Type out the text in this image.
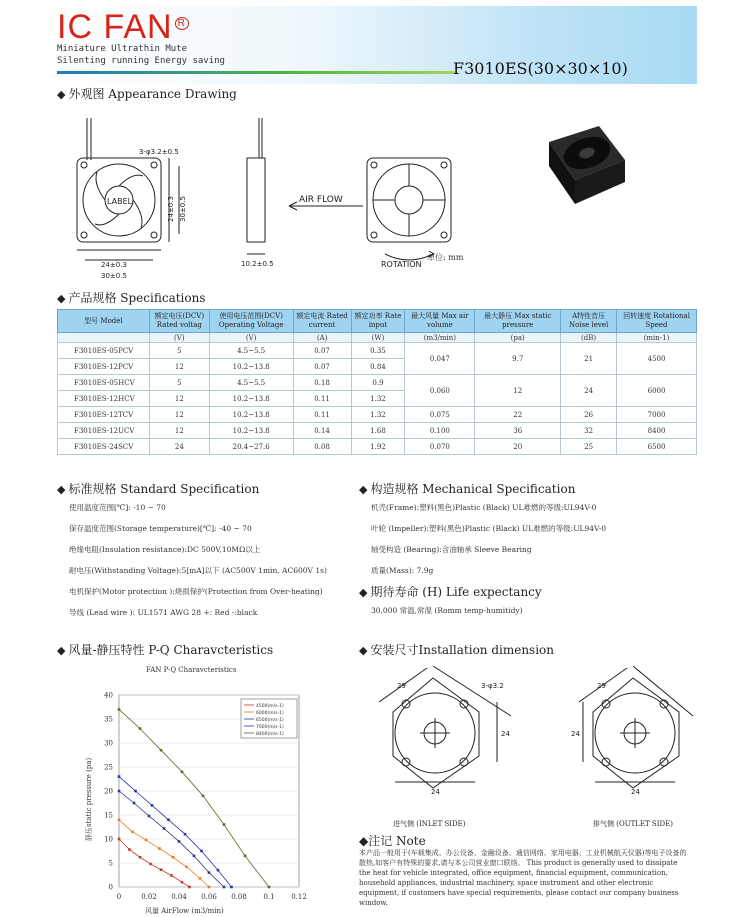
IC FAN $^R$
Miniature Ultrathin Mute
Silenting running Energy saving	F3010ES(30×30×10)
◆ 外观图 Appearance Drawing
3-φ3.2±0.5
LABEL
24±0.3
30±0.5
24±0.3 30±0.5
10.2±0.5
AIR FLOW
ROTATION
单位: mm
◆ 产品规格 Specifications
型号 Model	额定电压(DCV) Rated voltag	使用电压范围(DCV) Operating Voltage	额定电流 Rated current	额定功率 Rate input	最大风量 Max air volume	最大静压 Max static pressure	A特性音压 Noise level	回转速度 Rotational Speed
	(V)	(V)	(A)	(W)	(m3/min)	(pa)	(dB)	(min-1)
F3010ES-05PCV	5	4.5~5.5	0.07	0.35	0.047	9.7	21	4500
F3010ES-12PCV	12	10.2~13.8	0.07	0.84				
F3010ES-05HCV	5	4.5~5.5	0.18	0.9	0.060	12	24	6000
F3010ES-12HCV	12	10.2~13.8	0.11	1.32				
F3010ES-12TCV	12	10.2~13.8	0.11	1.32	0.075	22	26	7000
F3010ES-12UCV	12	10.2~13.8	0.14	1.68	0.100	36	32	8400
F3010ES-24SCV	24	20.4~27.6	0.08	1.92	0.070	20	25	6500
◆ 标准规格 Standard Specification
使用温度范围[℃]: -10 ~ 70
保存温度范围(Storage temperature)[℃]: -40 ~ 70
绝缘电阻(Insulation resistance):DC 500V,10MΩ以上
耐电压(Withstanding Voltage):5[mA]以下 (AC500V 1min, AC600V 1s)
电机保护(Motor protection ):烧损保护(Protection from Over-heating)
导线 (Lead wire ): UL1571 AWG 28 +: Red -:black
◆ 构造规格 Mechanical Specification
机壳(Frame):塑料(黑色)Plastic (Black) UL难燃的等级:UL94V-0
叶轮 (Impeller):塑料(黑色)Plastic (Black) UL难燃的等级:UL94V-0
轴受构造 (Bearing):含油轴承 Sleeve Bearing
质量(Mass): 7.9g
◆ 期待寿命 (H) Life expectancy
30,000 常温,常湿 (Romm temp-humitidy)
◆ 风量-静压特性 P-Q Charavcteristics
FAN P-Q Charavcteristics
0
5
10
15
20
25
30
35
40
0	0.02 0.04 0.06 0.08 0.1 0.12
4500(m/s-1)
6000(m/s-1)
6500(m/s-1)
7000(m/s-1)
8400(m/s-1)
风量 AirFlow (m3/min)
静压static pressure (pa)
◆ 安装尺寸Installation dimension
29	3-φ3.2
24
24
29
24
24
进气侧 (INLET SIDE)	排气侧 (OUTLET SIDE)
◆注记 Note
本产品一般用于(车载集成、办公设备、金融设备、通信网络、家用电器、工业机械航天仪器)等电子设备的散热,如客户有特殊的要求,请与本公司营业窗口联络。 This product is generally used to dissipate the heat for vehicle integrated, office equipment, financial equipment, communication, household appliances, industrial machinery, space instrument and other electronic equipment, if customers have special requirements, please contact our company business window.
